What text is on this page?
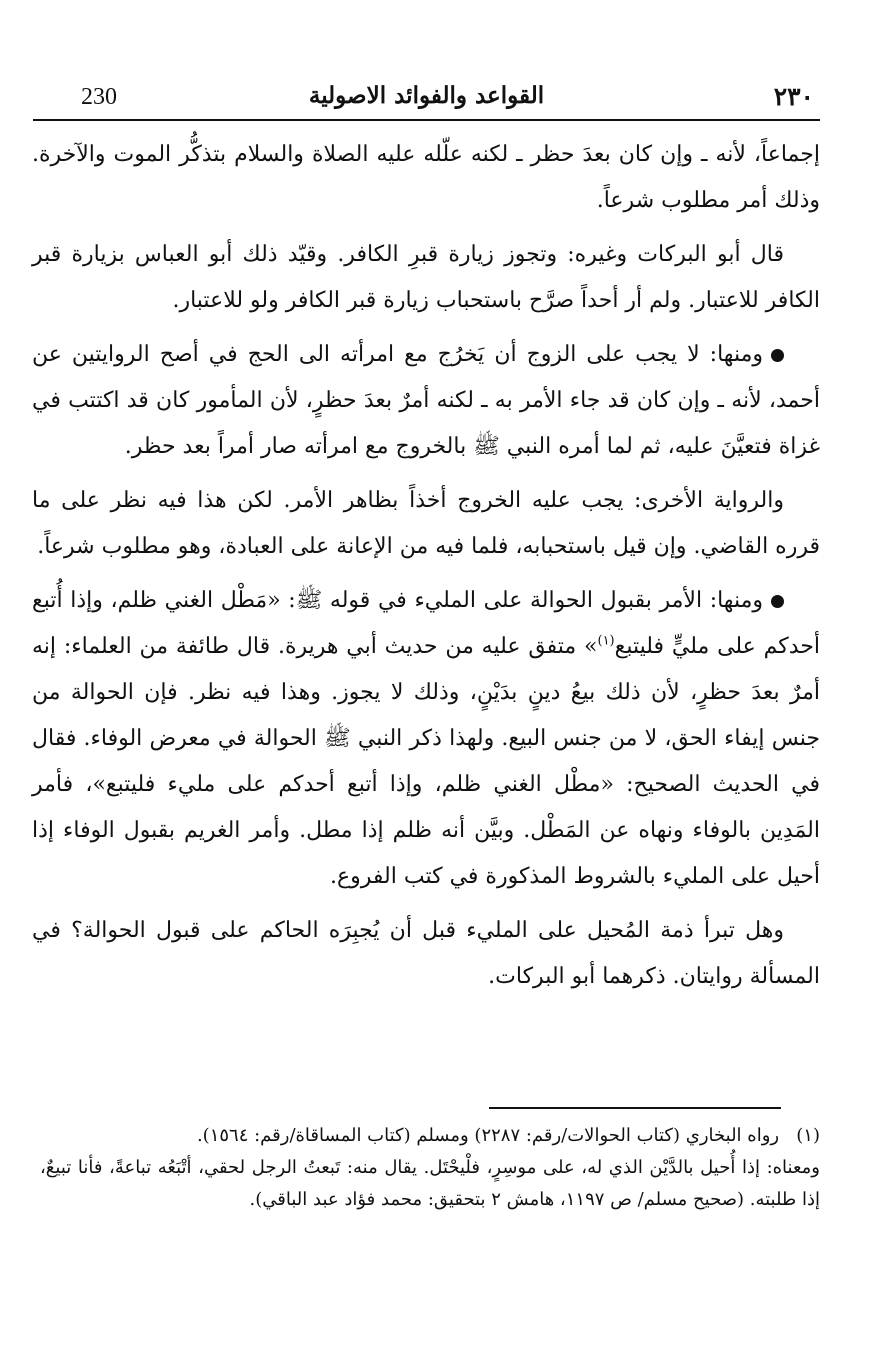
230	القواعد والفوائد الاصولية	٢٣٠

إجماعاً، لأنه ـ وإن كان بعدَ حظر ـ لكنه علّله عليه الصلاة والسلام بتذكُّر الموت والآخرة. وذلك أمر مطلوب شرعاً.

قال أبو البركات وغيره: وتجوز زيارة قبرِ الكافر. وقيّد ذلك أبو العباس بزيارة قبر الكافر للاعتبار. ولم أر أحداً صرَّح باستحباب زيارة قبر الكافر ولو للاعتبار.

ومنها: لا يجب على الزوج أن يَخرُج مع امرأته الى الحج في أصح الروايتين عن أحمد، لأنه ـ وإن كان قد جاء الأمر به ـ لكنه أمرٌ بعدَ حظرٍ، لأن المأمور كان قد اكتتب في غزاة فتعيَّنَ عليه، ثم لما أمره النبي ﷺ بالخروج مع امرأته صار أمراً بعد حظر.

والرواية الأخرى: يجب عليه الخروج أخذاً بظاهر الأمر. لكن هذا فيه نظر على ما قرره القاضي. وإن قيل باستحبابه، فلما فيه من الإعانة على العبادة، وهو مطلوب شرعاً.

ومنها: الأمر بقبول الحوالة على المليء في قوله ﷺ: «مَطْل الغني ظلم، وإذا أُتبع أحدكم على مليٍّ فليتبع$^{(١)}$» متفق عليه من حديث أبي هريرة. قال طائفة من العلماء: إنه أمرٌ بعدَ حظرٍ، لأن ذلك بيعُ دينٍ بدَيْنٍ، وذلك لا يجوز. وهذا فيه نظر. فإن الحوالة من جنس إيفاء الحق، لا من جنس البيع. ولهذا ذكر النبي ﷺ الحوالة في معرض الوفاء. فقال في الحديث الصحيح: «مطْل الغني ظلم، وإذا أتبع أحدكم على مليء فليتبع»، فأمر المَدِين بالوفاء ونهاه عن المَطْل. وبيَّن أنه ظلم إذا مطل. وأمر الغريم بقبول الوفاء إذا أحيل على المليء بالشروط المذكورة في كتب الفروع.

وهل تبرأ ذمة المُحيل على المليء قبل أن يُجبِرَه الحاكم على قبول الحوالة؟ في المسألة روايتان. ذكرهما أبو البركات.

(١)   رواه البخاري (كتاب الحوالات/رقم: ٢٢٨٧) ومسلم (كتاب المساقاة/رقم: ١٥٦٤).

ومعناه: إذا أُحيل بالدَّيْن الذي له، على موسِرٍ، فلْيحْتَل. يقال منه: تَبعتُ الرجل لحقي، أتْبَعُه تباعةً، فأنا تبيعٌ، إذا طلبته. (صحيح مسلم/ ص ١١٩٧، هامش ٢ بتحقيق: محمد فؤاد عبد الباقي).
